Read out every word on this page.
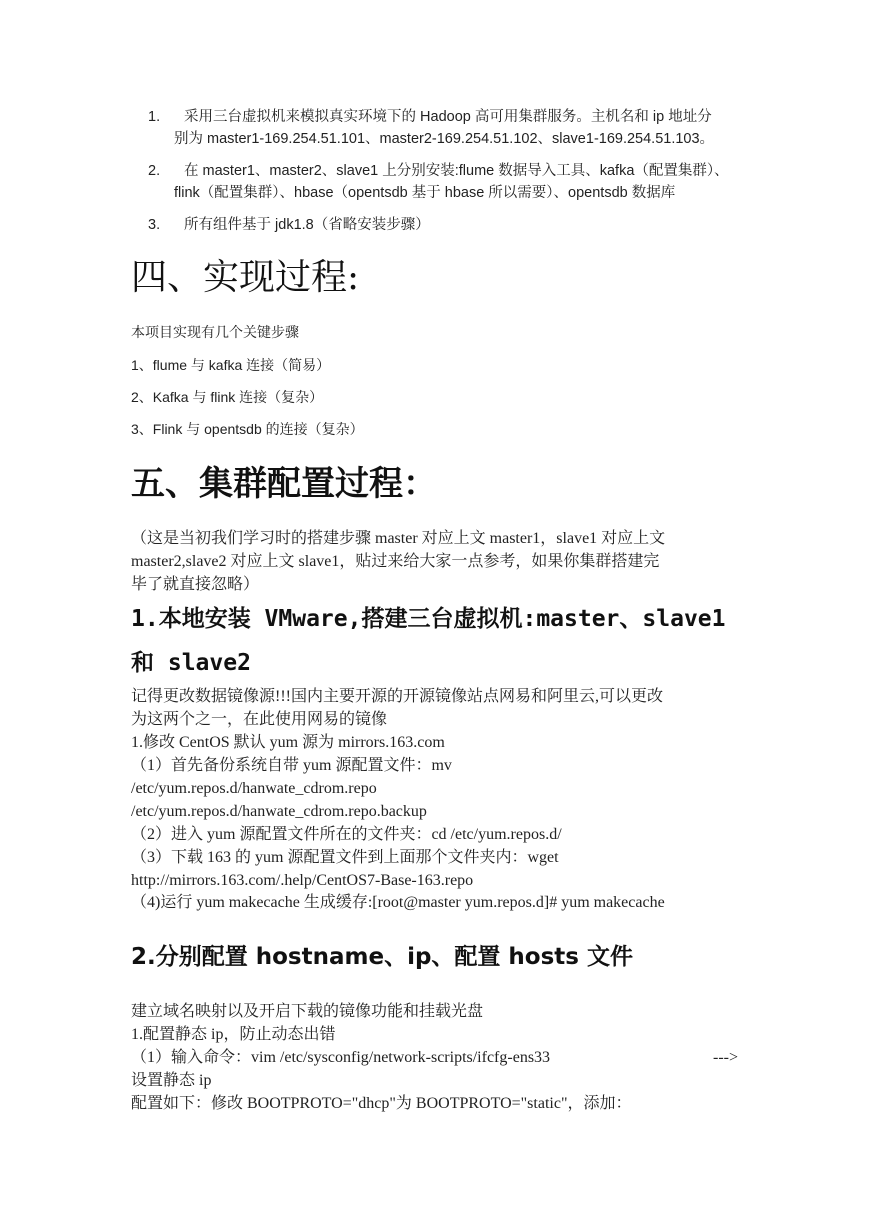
1.	采用三台虚拟机来模拟真实环境下的 Hadoop 高可用集群服务。主机名和 ip 地址分
别为 master1-169.254.51.101、master2-169.254.51.102、slave1-169.254.51.103。
2.	在 master1、master2、slave1 上分别安装:flume 数据导入工具、kafka（配置集群）、
flink（配置集群）、hbase（opentsdb 基于 hbase 所以需要）、opentsdb 数据库
3.	所有组件基于 jdk1.8（省略安装步骤）
四、实现过程:
本项目实现有几个关键步骤
1、flume 与 kafka 连接（简易）
2、Kafka 与 flink 连接（复杂）
3、Flink 与 opentsdb 的连接（复杂）
五、集群配置过程：
（这是当初我们学习时的搭建步骤 master 对应上文 master1，slave1 对应上文
master2,slave2 对应上文 slave1，贴过来给大家一点参考，如果你集群搭建完
毕了就直接忽略）
1.本地安装 VMware,搭建三台虚拟机:master、slave1
和 slave2
记得更改数据镜像源!!!国内主要开源的开源镜像站点网易和阿里云,可以更改
为这两个之一，在此使用网易的镜像
1.修改 CentOS 默认 yum 源为 mirrors.163.com
（1）首先备份系统自带 yum 源配置文件：mv
/etc/yum.repos.d/hanwate_cdrom.repo
/etc/yum.repos.d/hanwate_cdrom.repo.backup
（2）进入 yum 源配置文件所在的文件夹：cd /etc/yum.repos.d/
（3）下载 163 的 yum 源配置文件到上面那个文件夹内：wget
http://mirrors.163.com/.help/CentOS7-Base-163.repo
（4)运行 yum makecache 生成缓存:[root@master yum.repos.d]# yum makecache
2.分别配置 hostname、ip、配置 hosts 文件
建立域名映射以及开启下载的镜像功能和挂载光盘
1.配置静态 ip，防止动态出错
（1）输入命令：vim /etc/sysconfig/network-scripts/ifcfg-ens33	--->
设置静态 ip
配置如下：修改 BOOTPROTO="dhcp"为 BOOTPROTO="static"，添加：
